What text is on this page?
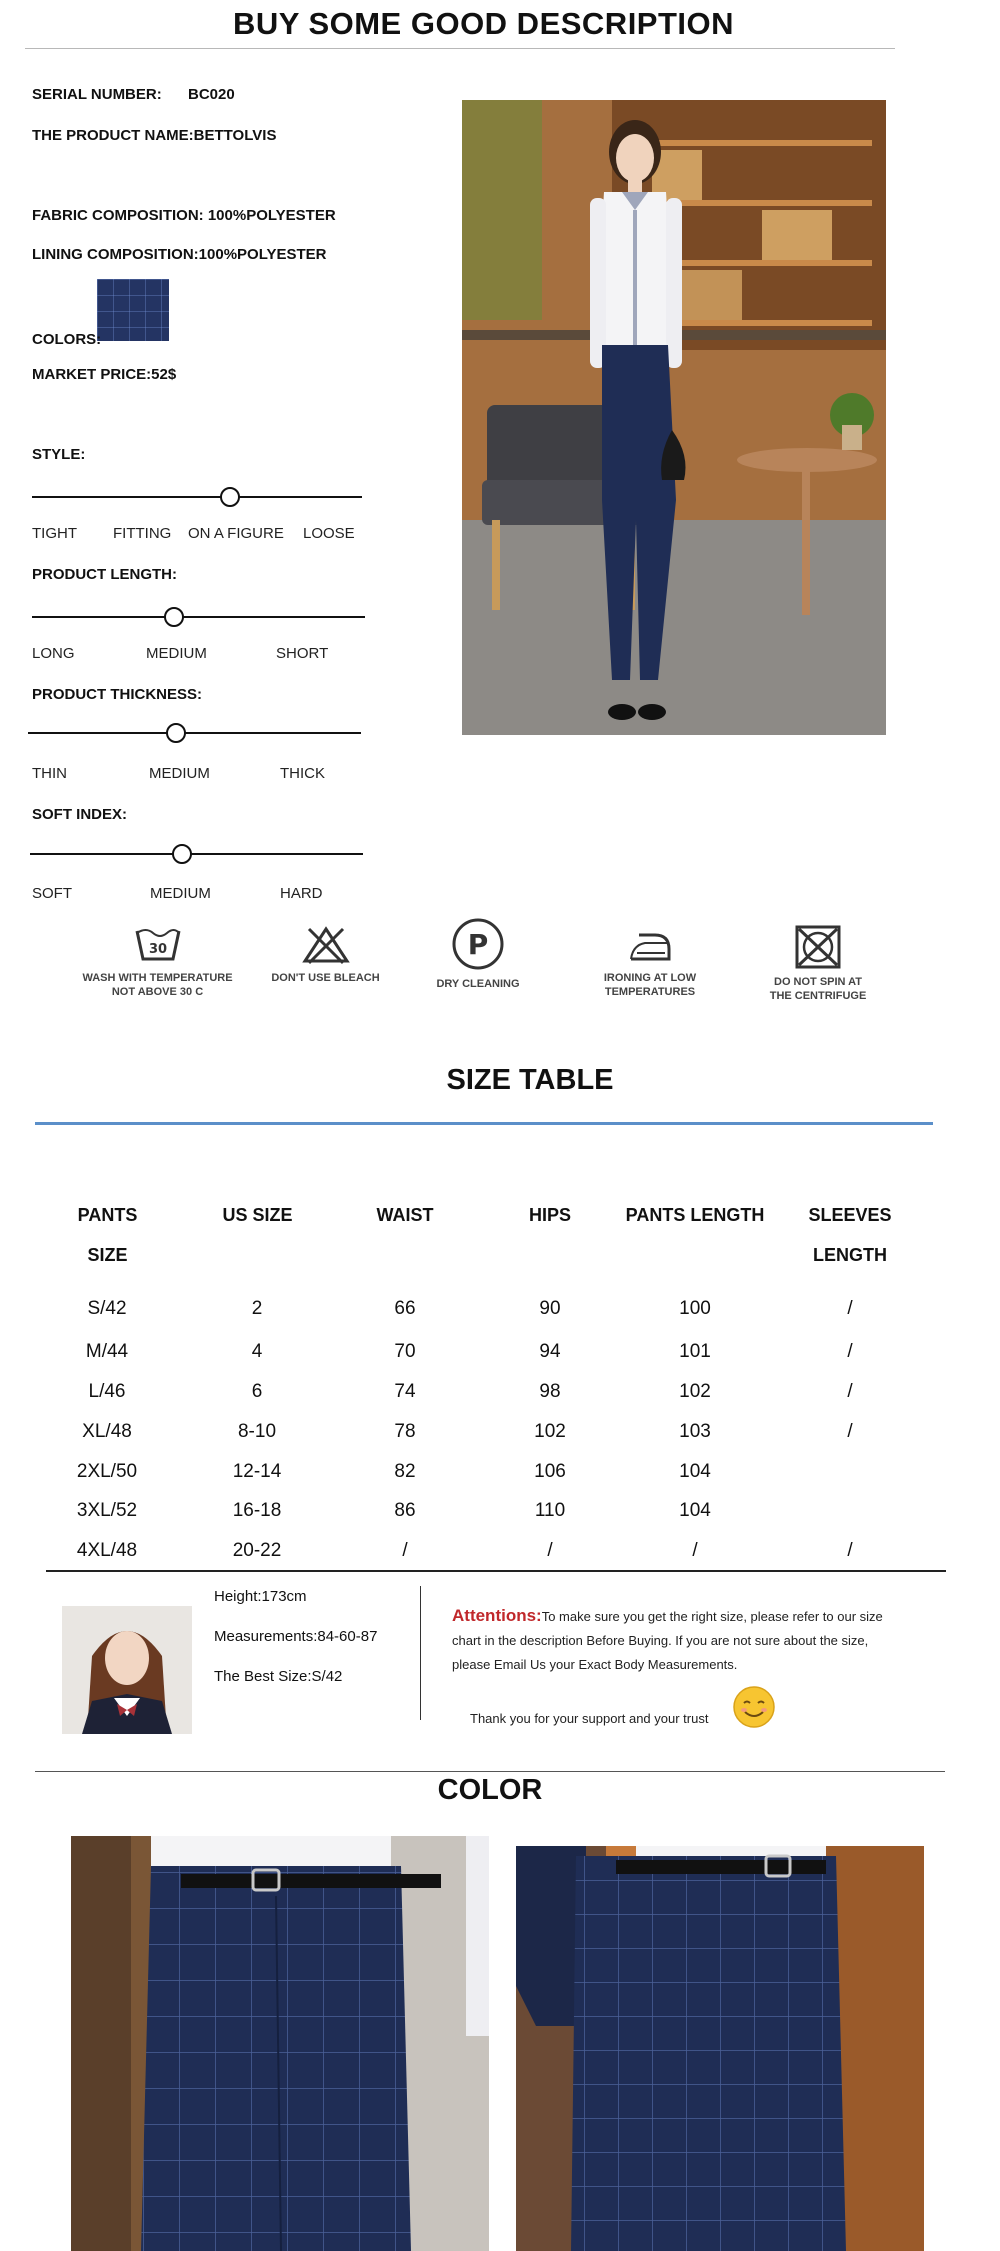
BUY SOME GOOD DESCRIPTION
SERIAL NUMBER: BC020
THE PRODUCT NAME:BETTOLVIS
FABRIC COMPOSITION: 100%POLYESTER
LINING COMPOSITION:100%POLYESTER
COLORS:
MARKET PRICE:52$
STYLE:
TIGHT FITTING ON A FIGURE LOOSE
PRODUCT LENGTH:
LONG	MEDIUM	SHORT
PRODUCT THICKNESS:
THIN	MEDIUM	THICK
SOFT INDEX:
SOFT	MEDIUM	HARD
30
WASH WITH TEMPERATURE
NOT ABOVE 30 C
DON'T USE BLEACH
P
DRY CLEANING	IRONING AT LOW
TEMPERATURES
DO NOT SPIN AT
THE CENTRIFUGE
SIZE TABLE
PANTS
SIZE
US SIZE	WAIST	HIPS	PANTS LENGTH	SLEEVES
LENGTH
S/42	2	66	90	100	/
M/44	4	70	94	101	/
L/46	6	74	98	102	/
XL/48	8-10	78	102	103	/
2XL/50	12-14	82	106	104
3XL/52	16-18	86	110	104
4XL/48	20-22	/	/	/	/
Height:173cm
Measurements:84-60-87
The Best Size:S/42
Attentions:To make sure you get the right size, please refer to our size
chart in the description Before Buying. If you are not sure about the size,
please Email Us your Exact Body Measurements.
Thank you for your support and your trust
COLOR
